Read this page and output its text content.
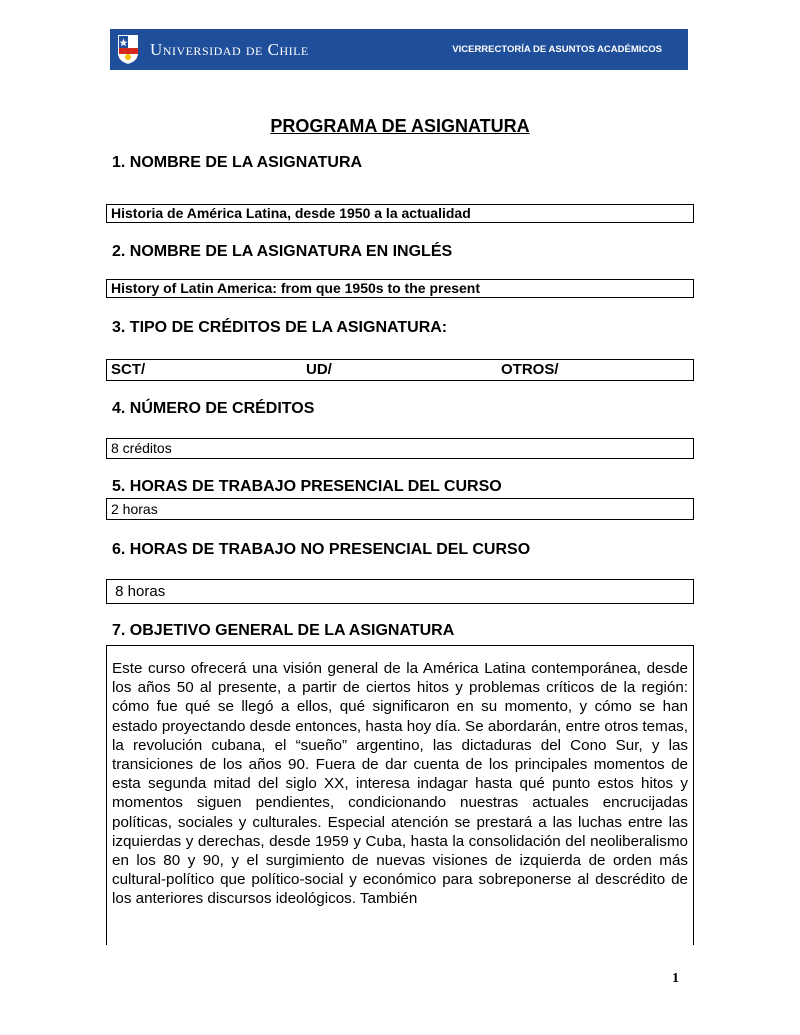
Universidad de Chile	VICERRECTORÍA DE ASUNTOS ACADÉMICOS
PROGRAMA DE ASIGNATURA
1. NOMBRE DE LA ASIGNATURA
Historia de América Latina, desde 1950 a la actualidad
2. NOMBRE DE LA ASIGNATURA EN INGLÉS
History of Latin America: from que 1950s to the present
3. TIPO DE CRÉDITOS DE LA ASIGNATURA:
SCT/	UD/	OTROS/
4. NÚMERO DE CRÉDITOS
8 créditos
5. HORAS DE TRABAJO PRESENCIAL DEL CURSO
2 horas
6. HORAS DE TRABAJO NO PRESENCIAL DEL CURSO
8 horas
7. OBJETIVO GENERAL DE LA ASIGNATURA

Este curso ofrecerá una visión general de la América Latina contemporánea, desde los años 50 al presente, a partir de ciertos hitos y problemas críticos de la región: cómo fue qué se llegó a ellos, qué significaron en su momento, y cómo se han estado proyectando desde entonces, hasta hoy día. Se abordarán, entre otros temas, la revolución cubana, el “sueño” argentino, las dictaduras del Cono Sur, y las transiciones de los años 90. Fuera de dar cuenta de los principales momentos de esta segunda mitad del siglo XX, interesa indagar hasta qué punto estos hitos y momentos siguen pendientes, condicionando nuestras actuales encrucijadas políticas, sociales y culturales. Especial atención se prestará a las luchas entre las izquierdas y derechas, desde 1959 y Cuba, hasta la consolidación del neoliberalismo en los 80 y 90, y el surgimiento de nuevas visiones de izquierda de orden más cultural-político que político-social y económico para sobreponerse al descrédito de los anteriores discursos ideológicos. También

1
